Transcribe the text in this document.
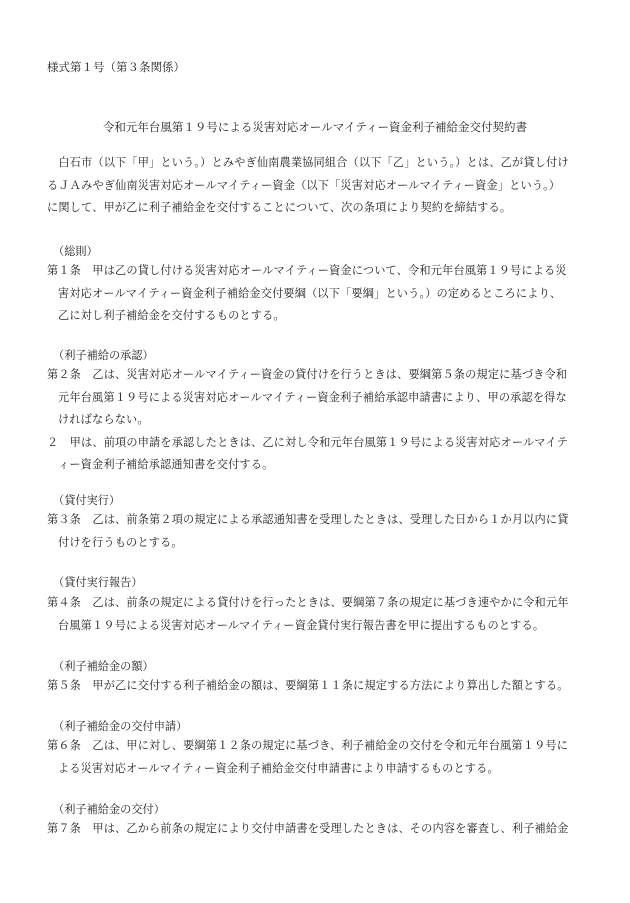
様式第１号（第３条関係）
令和元年台風第１９号による災害対応オールマイティー資金利子補給金交付契約書
　白石市（以下「甲」という。）とみやぎ仙南農業協同組合（以下「乙」という。）とは、乙が貸し付け
るＪＡみやぎ仙南災害対応オールマイティー資金（以下「災害対応オールマイティー資金」という。）
に関して、甲が乙に利子補給金を交付することについて、次の条項により契約を締結する。
（総則）
第１条　甲は乙の貸し付ける災害対応オールマイティー資金について、令和元年台風第１９号による災
害対応オールマイティー資金利子補給金交付要綱（以下「要綱」という。）の定めるところにより、
乙に対し利子補給金を交付するものとする。
（利子補給の承認）
第２条　乙は、災害対応オールマイティー資金の貸付けを行うときは、要綱第５条の規定に基づき令和
元年台風第１９号による災害対応オールマイティー資金利子補給承認申請書により、甲の承認を得な
ければならない。
２　甲は、前項の申請を承認したときは、乙に対し令和元年台風第１９号による災害対応オールマイテ
ィー資金利子補給承認通知書を交付する。
（貸付実行）
第３条　乙は、前条第２項の規定による承認通知書を受理したときは、受理した日から１か月以内に貸
付けを行うものとする。
（貸付実行報告）
第４条　乙は、前条の規定による貸付けを行ったときは、要綱第７条の規定に基づき速やかに令和元年
台風第１９号による災害対応オールマイティー資金貸付実行報告書を甲に提出するものとする。
（利子補給金の額）
第５条　甲が乙に交付する利子補給金の額は、要綱第１１条に規定する方法により算出した額とする。
（利子補給金の交付申請）
第６条　乙は、甲に対し、要綱第１２条の規定に基づき、利子補給金の交付を令和元年台風第１９号に
よる災害対応オールマイティー資金利子補給金交付申請書により申請するものとする。
（利子補給金の交付）
第７条　甲は、乙から前条の規定により交付申請書を受理したときは、その内容を審査し、利子補給金
